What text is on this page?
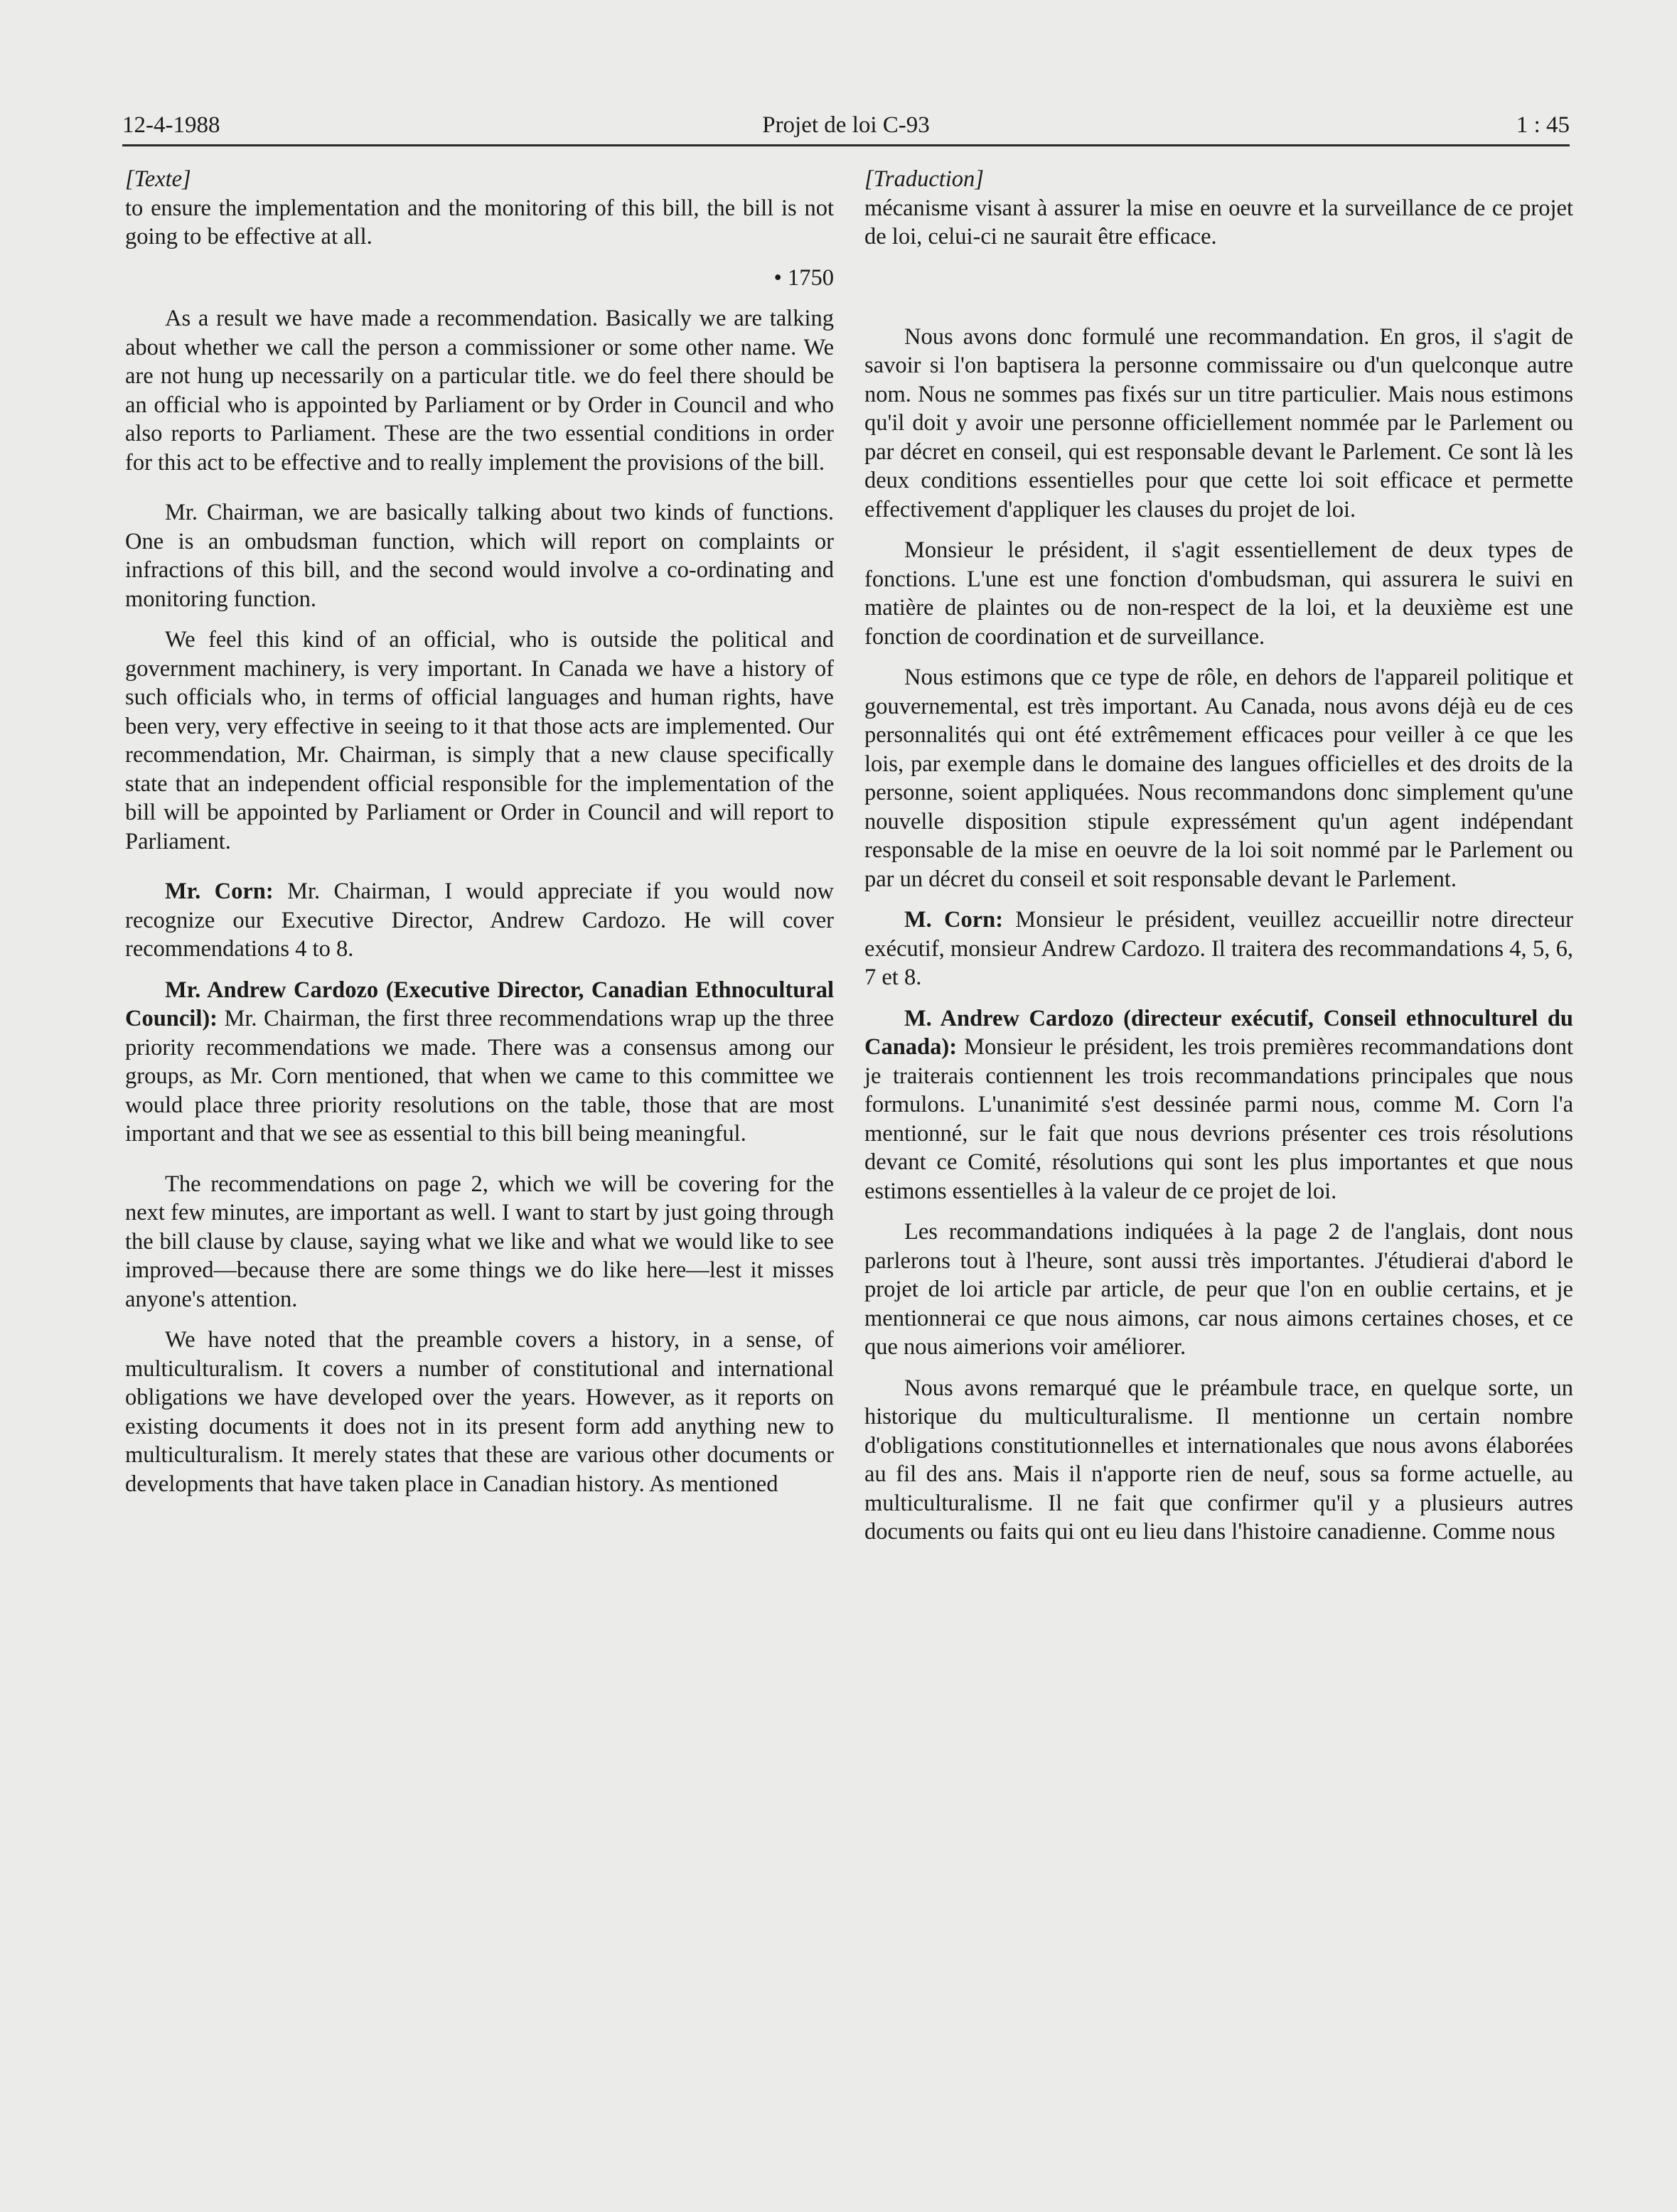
12-4-1988	Projet de loi C-93	1 : 45

[Texte]

to ensure the implementation and the monitoring of this bill, the bill is not going to be effective at all.

• 1750

As a result we have made a recommendation. Basically we are talking about whether we call the person a commissioner or some other name. We are not hung up necessarily on a particular title. we do feel there should be an official who is appointed by Parliament or by Order in Council and who also reports to Parliament. These are the two essential conditions in order for this act to be effective and to really implement the provisions of the bill.

Mr. Chairman, we are basically talking about two kinds of functions. One is an ombudsman function, which will report on complaints or infractions of this bill, and the second would involve a co-ordinating and monitoring function.

We feel this kind of an official, who is outside the political and government machinery, is very important. In Canada we have a history of such officials who, in terms of official languages and human rights, have been very, very effective in seeing to it that those acts are implemented. Our recommendation, Mr. Chairman, is simply that a new clause specifically state that an independent official responsible for the implementation of the bill will be appointed by Parliament or Order in Council and will report to Parliament.

Mr. Corn: Mr. Chairman, I would appreciate if you would now recognize our Executive Director, Andrew Cardozo. He will cover recommendations 4 to 8.

Mr. Andrew Cardozo (Executive Director, Canadian Ethnocultural Council): Mr. Chairman, the first three recommendations wrap up the three priority recommendations we made. There was a consensus among our groups, as Mr. Corn mentioned, that when we came to this committee we would place three priority resolutions on the table, those that are most important and that we see as essential to this bill being meaningful.

The recommendations on page 2, which we will be covering for the next few minutes, are important as well. I want to start by just going through the bill clause by clause, saying what we like and what we would like to see improved—because there are some things we do like here—lest it misses anyone's attention.

We have noted that the preamble covers a history, in a sense, of multiculturalism. It covers a number of constitutional and international obligations we have developed over the years. However, as it reports on existing documents it does not in its present form add anything new to multiculturalism. It merely states that these are various other documents or developments that have taken place in Canadian history. As mentioned

[Traduction]

mécanisme visant à assurer la mise en oeuvre et la surveillance de ce projet de loi, celui-ci ne saurait être efficace.

Nous avons donc formulé une recommandation. En gros, il s'agit de savoir si l'on baptisera la personne commissaire ou d'un quelconque autre nom. Nous ne sommes pas fixés sur un titre particulier. Mais nous estimons qu'il doit y avoir une personne officiellement nommée par le Parlement ou par décret en conseil, qui est responsable devant le Parlement. Ce sont là les deux conditions essentielles pour que cette loi soit efficace et permette effectivement d'appliquer les clauses du projet de loi.

Monsieur le président, il s'agit essentiellement de deux types de fonctions. L'une est une fonction d'ombudsman, qui assurera le suivi en matière de plaintes ou de non-respect de la loi, et la deuxième est une fonction de coordination et de surveillance.

Nous estimons que ce type de rôle, en dehors de l'appareil politique et gouvernemental, est très important. Au Canada, nous avons déjà eu de ces personnalités qui ont été extrêmement efficaces pour veiller à ce que les lois, par exemple dans le domaine des langues officielles et des droits de la personne, soient appliquées. Nous recommandons donc simplement qu'une nouvelle disposition stipule expressément qu'un agent indépendant responsable de la mise en oeuvre de la loi soit nommé par le Parlement ou par un décret du conseil et soit responsable devant le Parlement.

M. Corn: Monsieur le président, veuillez accueillir notre directeur exécutif, monsieur Andrew Cardozo. Il traitera des recommandations 4, 5, 6, 7 et 8.

M. Andrew Cardozo (directeur exécutif, Conseil ethnoculturel du Canada): Monsieur le président, les trois premières recommandations dont je traiterais contiennent les trois recommandations principales que nous formulons. L'unanimité s'est dessinée parmi nous, comme M. Corn l'a mentionné, sur le fait que nous devrions présenter ces trois résolutions devant ce Comité, résolutions qui sont les plus importantes et que nous estimons essentielles à la valeur de ce projet de loi.

Les recommandations indiquées à la page 2 de l'anglais, dont nous parlerons tout à l'heure, sont aussi très importantes. J'étudierai d'abord le projet de loi article par article, de peur que l'on en oublie certains, et je mentionnerai ce que nous aimons, car nous aimons certaines choses, et ce que nous aimerions voir améliorer.

Nous avons remarqué que le préambule trace, en quelque sorte, un historique du multiculturalisme. Il mentionne un certain nombre d'obligations constitutionnelles et internationales que nous avons élaborées au fil des ans. Mais il n'apporte rien de neuf, sous sa forme actuelle, au multiculturalisme. Il ne fait que confirmer qu'il y a plusieurs autres documents ou faits qui ont eu lieu dans l'histoire canadienne. Comme nous
